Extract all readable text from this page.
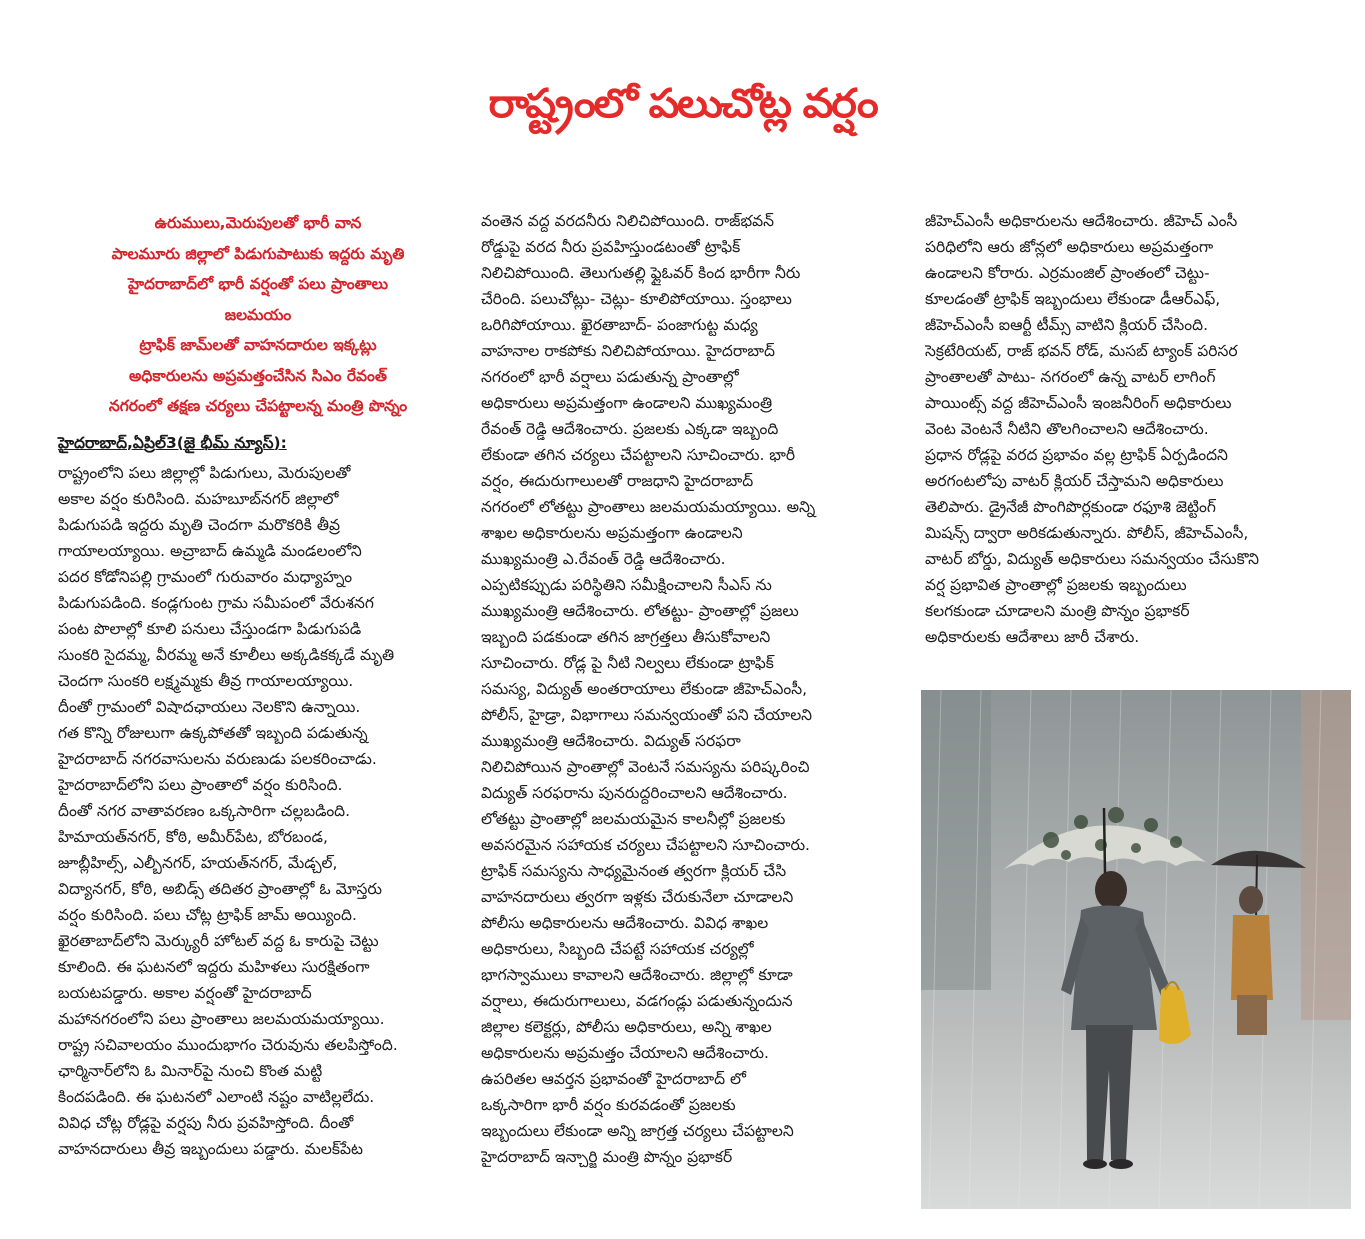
రాష్ట్రంలో పలుచోట్ల వర్షం

ఉరుములు,మెరుపులతో భారీ వాన

పాలమూరు జిల్లాలో పిడుగుపాటుకు ఇద్దరు మృతి

హైదరాబాద్‌లో భారీ వర్షంతో పలు ప్రాంతాలు

జలమయం

ట్రాఫిక్ జామ్‌లతో వాహనదారుల ఇక్కట్లు

అధికారులను అప్రమత్తంచేసిన సిఎం రేవంత్

నగరంలో తక్షణ చర్యలు చేపట్టాలన్న మంత్రి పొన్నం

హైదరాబాద్,ఏప్రిల్3(జై భీమ్ న్యూస్):

రాష్ట్రంలోని పలు జిల్లాల్లో పిడుగులు, మెరుపులతో

అకాల వర్షం కురిసింది. మహబూబ్‌నగర్ జిల్లాలో

పిడుగుపడి ఇద్దరు మృతి చెందగా మరొకరికి తీవ్ర

గాయాలయ్యాయి. అచ్రాబాద్ ఉమ్మడి మండలంలోని

పదర కోడోనిపల్లి గ్రామంలో గురువారం మధ్యాహ్నం

పిడుగుపడింది. కండ్లగుంట గ్రామ సమీపంలో వేరుశనగ

పంట పొలాల్లో కూలి పనులు చేస్తుండగా పిడుగుపడి

సుంకరి సైదమ్మ, వీరమ్మ అనే కూలీలు అక్కడికక్కడే మృతి

చెందగా సుంకరి లక్ష్మమ్మకు తీవ్ర గాయాలయ్యాయి.

దీంతో గ్రామంలో విషాదఛాయలు నెలకొని ఉన్నాయి.

గత కొన్ని రోజులుగా ఉక్కపోతతో ఇబ్బంది పడుతున్న

హైదరాబాద్ నగరవాసులను వరుణుడు పలకరించాడు.

హైదరాబాద్‌లోని పలు ప్రాంతాలో వర్షం కురిసింది.

దీంతో నగర వాతావరణం ఒక్కసారిగా చల్లబడింది.

హిమాయత్‌నగర్, కోఠి, అమీర్‌పేట, బోరబండ,

జూబ్లీహిల్స్, ఎల్బీనగర్, హయత్‌నగర్, మేడ్చల్,

విద్యానగర్, కోఠి, అబిడ్స్ తదితర ప్రాంతాల్లో ఓ మోస్తరు

వర్షం కురిసింది. పలు చోట్ల ట్రాఫిక్ జామ్ అయ్యింది.

ఖైరతాబాద్‌లోని మెర్క్యురీ హోటల్ వద్ద ఓ కారుపై చెట్టు

కూలింది. ఈ ఘటనలో ఇద్దరు మహిళలు సురక్షితంగా

బయటపడ్డారు. అకాల వర్షంతో హైదరాబాద్

మహానగరంలోని పలు ప్రాంతాలు జలమయమయ్యాయి.

రాష్ట్ర సచివాలయం ముందుభాగం చెరువును తలపిస్తోంది.

ఛార్మినార్‌లోని ఓ మినార్‌పై నుంచి కొంత మట్టి

కిందపడింది. ఈ ఘటనలో ఎలాంటి నష్టం వాటిల్లలేదు.

వివిధ చోట్ల రోడ్లపై వర్షపు నీరు ప్రవహిస్తోంది. దీంతో

వాహనదారులు తీవ్ర ఇబ్బందులు పడ్డారు. మలక్‌పేట

వంతెన వద్ద వరదనీరు నిలిచిపోయింది. రాజ్‌భవన్

రోడ్డుపై వరద నీరు ప్రవహిస్తుండటంతో ట్రాఫిక్

నిలిచిపోయింది. తెలుగుతల్లి ఫ్లైఓవర్ కింద భారీగా నీరు

చేరింది. పలుచోట్లు- చెట్లు- కూలిపోయాయి. స్తంభాలు

ఒరిగిపోయాయి. ఖైరతాబాద్- పంజాగుట్ట మధ్య

వాహనాల రాకపోకు నిలిచిపోయాయి. హైదరాబాద్

నగరంలో భారీ వర్షాలు పడుతున్న ప్రాంతాల్లో

అధికారులు అప్రమత్తంగా ఉండాలని ముఖ్యమంత్రి

రేవంత్ రెడ్డి ఆదేశించారు. ప్రజలకు ఎక్కడా ఇబ్బంది

లేకుండా తగిన చర్యలు చేపట్టాలని సూచించారు. భారీ

వర్షం, ఈదురుగాలులతో రాజధాని హైదరాబాద్

నగరంలో లోతట్టు ప్రాంతాలు జలమయమయ్యాయి. అన్ని

శాఖల అధికారులను అప్రమత్తంగా ఉండాలని

ముఖ్యమంత్రి ఎ.రేవంత్ రెడ్డి ఆదేశించారు.

ఎప్పటికప్పుడు పరిస్థితిని సమీక్షించాలని సీఎస్ ను

ముఖ్యమంత్రి ఆదేశించారు. లోతట్టు- ప్రాంతాల్లో ప్రజలు

ఇబ్బంది పడకుండా తగిన జాగ్రత్తలు తీసుకోవాలని

సూచించారు. రోడ్ల పై నీటి నిల్వలు లేకుండా ట్రాఫిక్

సమస్య, విద్యుత్ అంతరాయాలు లేకుండా జీహెచ్ఎంసీ,

పోలీస్, హైడ్రా, విభాగాలు సమన్వయంతో పని చేయాలని

ముఖ్యమంత్రి ఆదేశించారు. విద్యుత్ సరఫరా

నిలిచిపోయిన ప్రాంతాల్లో వెంటనే సమస్యను పరిష్కరించి

విద్యుత్ సరఫరాను పునరుద్దరించాలని ఆదేశించారు.

లోతట్టు ప్రాంతాల్లో జలమయమైన కాలనీల్లో ప్రజలకు

అవసరమైన సహాయక చర్యలు చేపట్టాలని సూచించారు.

ట్రాఫిక్ సమస్యను సాధ్యమైనంత త్వరగా క్లియర్ చేసి

వాహనదారులు త్వరగా ఇళ్లకు చేరుకునేలా చూడాలని

పోలీసు అధికారులను ఆదేశించారు. వివిధ శాఖల

అధికారులు, సిబ్బంది చేపట్టే సహాయక చర్యల్లో

భాగస్వాములు కావాలని ఆదేశించారు. జిల్లాల్లో కూడా

వర్షాలు, ఈదురుగాలులు, వడగండ్లు పడుతున్నందున

జిల్లాల కలెక్టర్లు, పోలీసు అధికారులు, అన్ని శాఖల

అధికారులను అప్రమత్తం చేయాలని ఆదేశించారు.

ఉపరితల ఆవర్తన ప్రభావంతో హైదరాబాద్ లో

ఒక్కసారిగా భారీ వర్షం కురవడంతో ప్రజలకు

ఇబ్బందులు లేకుండా అన్ని జాగ్రత్త చర్యలు చేపట్టాలని

హైదరాబాద్ ఇన్చార్జి మంత్రి పొన్నం ప్రభాకర్

జీహెచ్ఎంసీ అధికారులను ఆదేశించారు. జీహెచ్ ఎంసీ

పరిధిలోని ఆరు జోన్లలో అధికారులు అప్రమత్తంగా

ఉండాలని కోరారు. ఎర్రమంజిల్ ప్రాంతంలో చెట్టు-

కూలడంతో ట్రాఫిక్ ఇబ్బందులు లేకుండా డీఆర్ఎఫ్,

జీహెచ్ఎంసీ ఐఆర్టీ టీమ్స్ వాటిని క్లియర్ చేసింది.

సెక్రటేరియట్, రాజ్ భవన్ రోడ్, మసబ్ ట్యాంక్ పరిసర

ప్రాంతాలతో పాటు- నగరంలో ఉన్న వాటర్ లాగింగ్

పాయింట్స్ వద్ద జీహెచ్ఎంసీ ఇంజనీరింగ్ అధికారులు

వెంట వెంటనే నీటిని తొలగించాలని ఆదేశించారు.

ప్రధాన రోడ్లపై వరద ప్రభావం వల్ల ట్రాఫిక్ ఏర్పడిందని

అరగంటలోపు వాటర్ క్లియర్ చేస్తామని అధికారులు

తెలిపారు. డ్రైనేజీ పొంగిపొర్లకుండా రఫూశి జెట్టింగ్

మిషన్స్ ద్వారా అరికడుతున్నారు. పోలీస్, జీహెచ్ఎంసీ,

వాటర్ బోర్డు, విద్యుత్ అధికారులు సమన్వయం చేసుకొని

వర్ష ప్రభావిత ప్రాంతాల్లో ప్రజలకు ఇబ్బందులు

కలగకుండా చూడాలని మంత్రి పొన్నం ప్రభాకర్

అధికారులకు ఆదేశాలు జారీ చేశారు.
